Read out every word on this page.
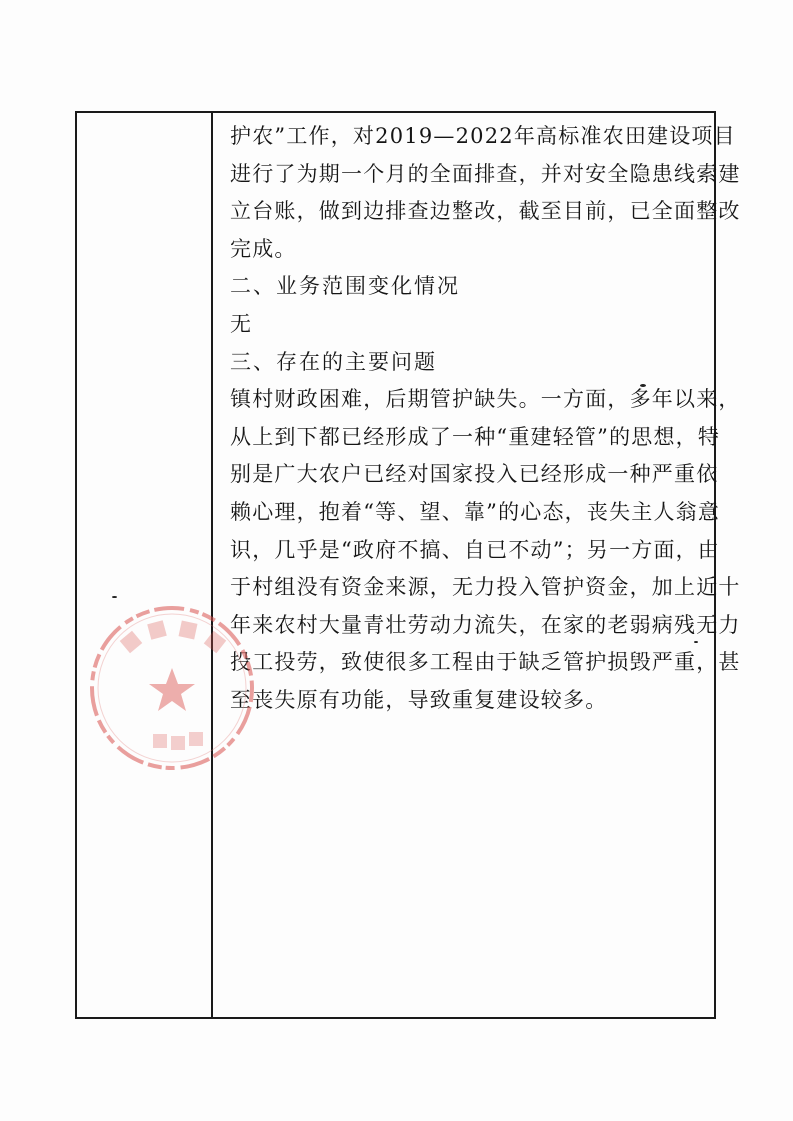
护农”工作，对2019—2022年高标准农田建设项目
进行了为期一个月的全面排查，并对安全隐患线索建
立台账，做到边排查边整改，截至目前，已全面整改
完成。
二、业务范围变化情况
无
三、存在的主要问题
镇村财政困难，后期管护缺失。一方面，多年以来，
从上到下都已经形成了一种“重建轻管”的思想，特
别是广大农户已经对国家投入已经形成一种严重依
赖心理，抱着“等、望、靠”的心态，丧失主人翁意
识，几乎是“政府不搞、自已不动”；另一方面，由
于村组没有资金来源，无力投入管护资金，加上近十
年来农村大量青壮劳动力流失，在家的老弱病残无力
投工投劳，致使很多工程由于缺乏管护损毁严重，甚
至丧失原有功能，导致重复建设较多。
